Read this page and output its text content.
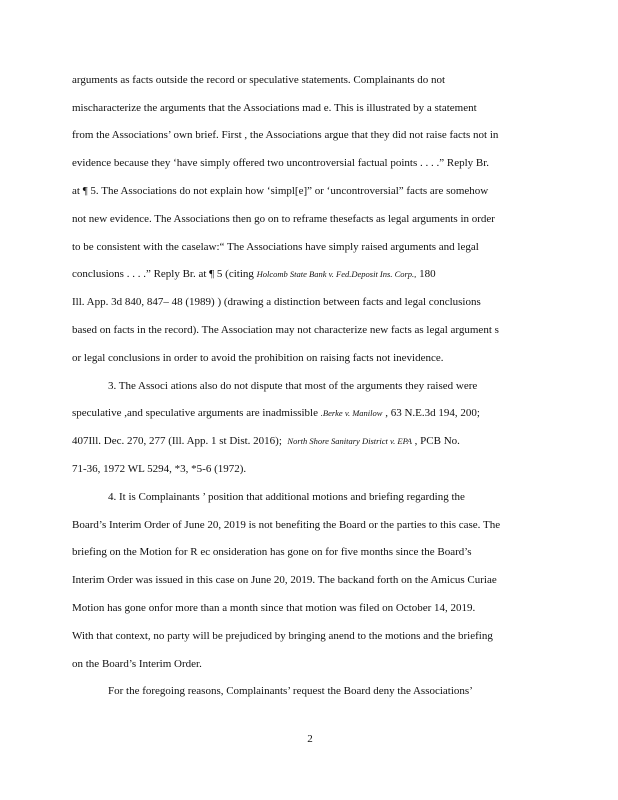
arguments as facts outside the record or speculative statements. Complainants do not
mischaracterize the arguments that the Associations mad e. This is illustrated by a statement
from the Associations’ own brief. First , the Associations argue that they did not raise facts not in
evidence because they ‘have simply offered two uncontroversial factual points . . . .” Reply Br.
at ¶ 5. The Associations do not explain how ‘simpl[e]” or ‘uncontroversial” facts are somehow
not new evidence. The Associations then go on to reframe thesefacts as legal arguments in order
to be consistent with the caselaw:“ The Associations have simply raised arguments and legal
conclusions . . . .” Reply Br. at ¶ 5 (citing Holcomb State Bank v. Fed.Deposit Ins. Corp., 180
Ill. App. 3d 840, 847– 48 (1989) ) (drawing a distinction between facts and legal conclusions
based on facts in the record). The Association may not characterize new facts as legal argument s
or legal conclusions in order to avoid the prohibition on raising facts not inevidence.
3. The Associ ations also do not dispute that most of the arguments they raised were
speculative ,and speculative arguments are inadmissible .Berke v. Manilow , 63 N.E.3d 194, 200;
407Ill. Dec. 270, 277 (Ill. App. 1 st Dist. 2016); North Shore Sanitary District v. EPA , PCB No.
71-36, 1972 WL 5294, *3, *5-6 (1972).
4. It is Complainants ’ position that additional motions and briefing regarding the
Board’s Interim Order of June 20, 2019 is not benefiting the Board or the parties to this case. The
briefing on the Motion for R ec onsideration has gone on for five months since the Board’s
Interim Order was issued in this case on June 20, 2019. The backand forth on the Amicus Curiae
Motion has gone onfor more than a month since that motion was filed on October 14, 2019.
With that context, no party will be prejudiced by bringing anend to the motions and the briefing
on the Board’s Interim Order.
For the foregoing reasons, Complainants’ request the Board deny the Associations’
2
